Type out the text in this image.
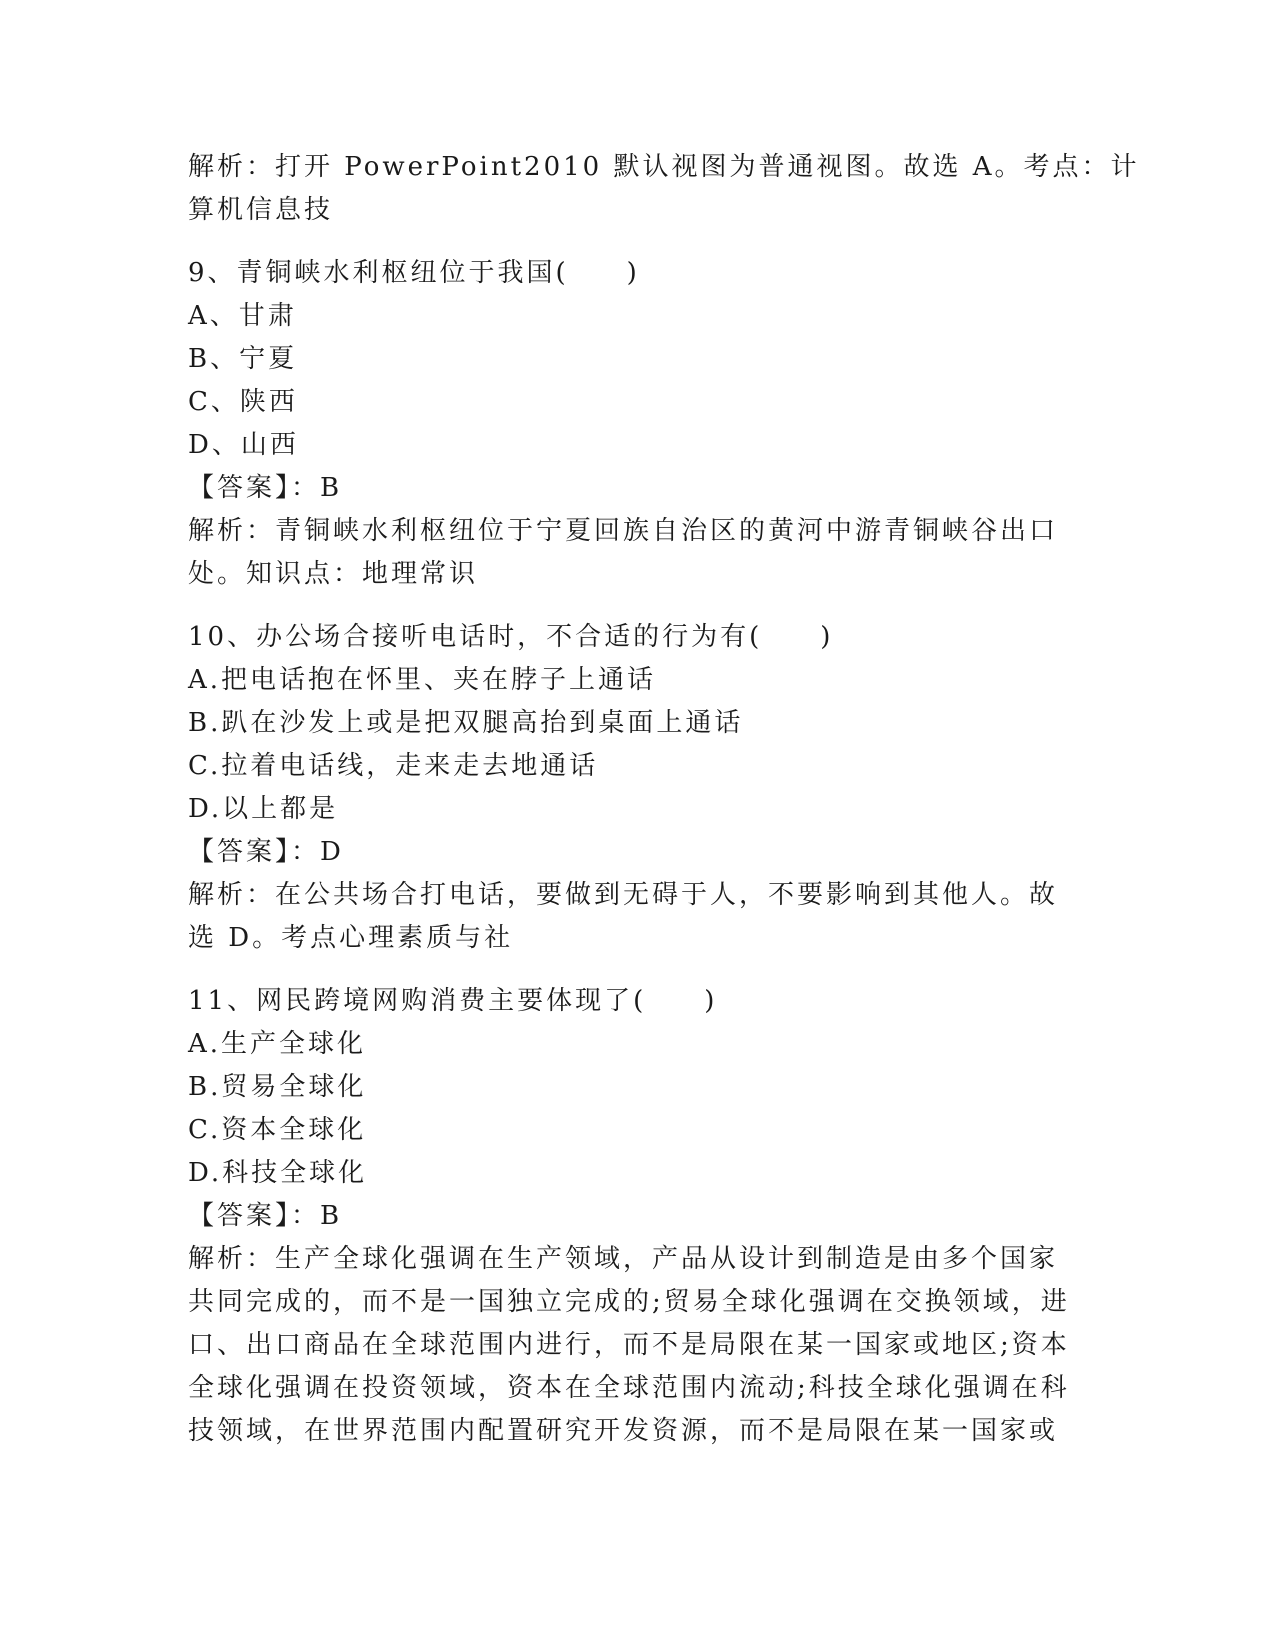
解析：打开 PowerPoint2010 默认视图为普通视图。故选 A。考点：计
算机信息技
9、青铜峡水利枢纽位于我国(　　)
A、甘肃
B、宁夏
C、陕西
D、山西
【答案】：B
解析：青铜峡水利枢纽位于宁夏回族自治区的黄河中游青铜峡谷出口
处。知识点：地理常识
10、办公场合接听电话时，不合适的行为有(　　)
A.把电话抱在怀里、夹在脖子上通话
B.趴在沙发上或是把双腿高抬到桌面上通话
C.拉着电话线，走来走去地通话
D.以上都是
【答案】：D
解析：在公共场合打电话，要做到无碍于人，不要影响到其他人。故
选 D。考点心理素质与社
11、网民跨境网购消费主要体现了(　　)
A.生产全球化
B.贸易全球化
C.资本全球化
D.科技全球化
【答案】：B
解析：生产全球化强调在生产领域，产品从设计到制造是由多个国家
共同完成的，而不是一国独立完成的;贸易全球化强调在交换领域，进
口、出口商品在全球范围内进行，而不是局限在某一国家或地区;资本
全球化强调在投资领域，资本在全球范围内流动;科技全球化强调在科
技领域，在世界范围内配置研究开发资源，而不是局限在某一国家或
